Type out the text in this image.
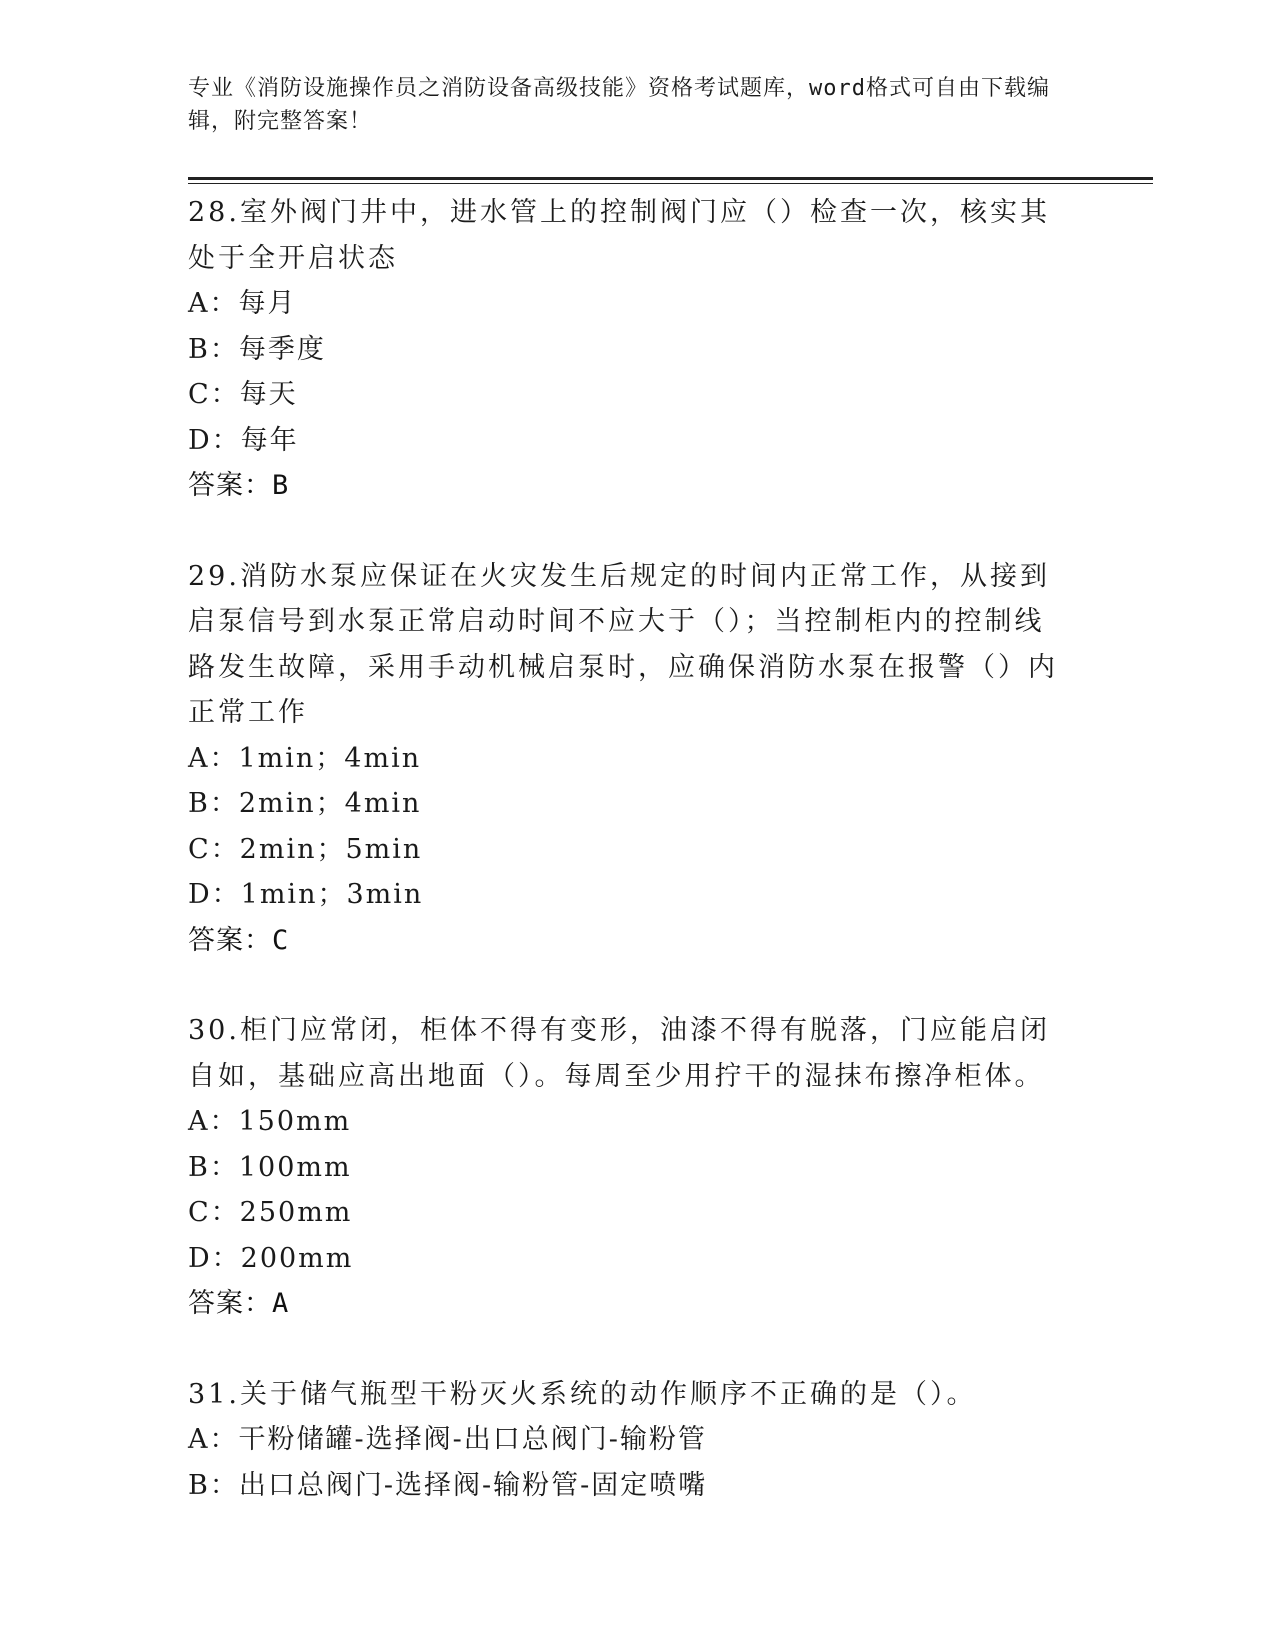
专业《消防设施操作员之消防设备高级技能》资格考试题库，word格式可自由下载编辑，附完整答案！
28.室外阀门井中，进水管上的控制阀门应（）检查一次，核实其处于全开启状态
A：每月
B：每季度
C：每天
D：每年
答案：B
29.消防水泵应保证在火灾发生后规定的时间内正常工作，从接到启泵信号到水泵正常启动时间不应大于（）；当控制柜内的控制线路发生故障，采用手动机械启泵时，应确保消防水泵在报警（）内正常工作
A：1min；4min
B：2min；4min
C：2min；5min
D：1min；3min
答案：C
30.柜门应常闭，柜体不得有变形，油漆不得有脱落，门应能启闭自如，基础应高出地面（）。每周至少用拧干的湿抹布擦净柜体。
A：150mm
B：100mm
C：250mm
D：200mm
答案：A
31.关于储气瓶型干粉灭火系统的动作顺序不正确的是（）。
A：干粉储罐-选择阀-出口总阀门-输粉管
B：出口总阀门-选择阀-输粉管-固定喷嘴
